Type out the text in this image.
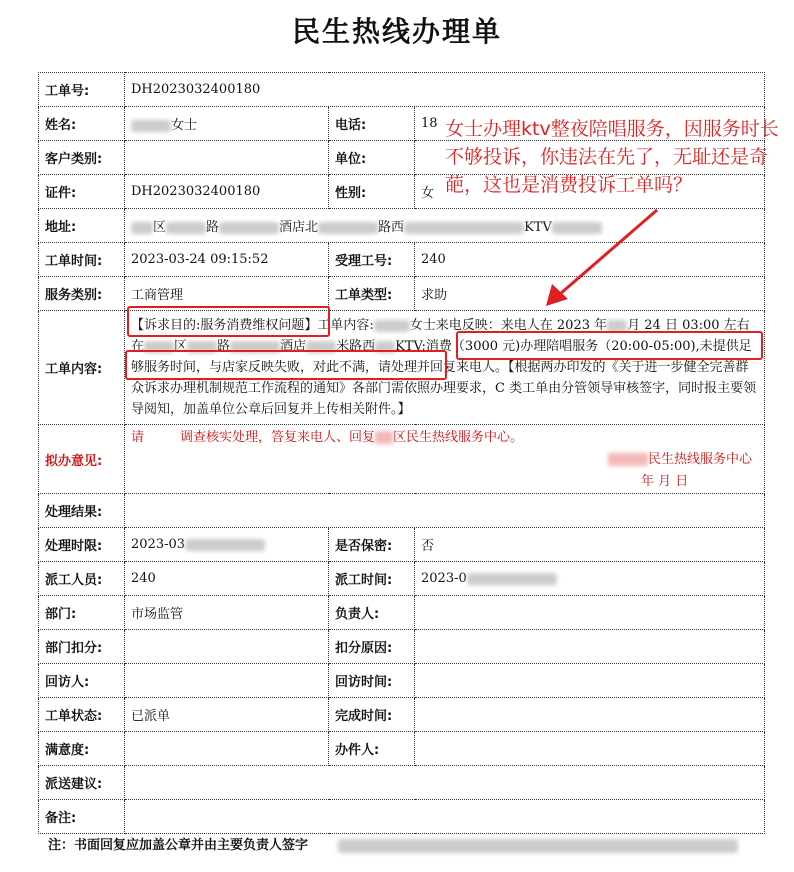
民生热线办理单
工单号:	DH2023032400180		
姓名:	女士	电话:	18
客户类别:		单位:	
证件:	DH2023032400180	性别:	女
地址:	区 路 酒店北 路西 KTV		
工单时间:	2023-03-24 09:15:52	受理工号:	240
服务类别:	工商管理	工单类型:	求助
工单内容:	【诉求目的:服务消费维权问题】工单内容: 女士来电反映：来电人在 2023 年 月 24 日 03:00 左右在 区 路 酒店 米路西 KTV;消费（3000 元)办理陪唱服务（20:00-05:00),未提供足够服务时间，与店家反映失败，对此不满，请处理并回复来电人。【根据两办印发的《关于进一步健全完善群众诉求办理机制规范工作流程的通知》各部门需依照办理要求，C 类工单由分管领导审核签字，同时报主要领导阅知，加盖单位公章后回复并上传相关附件。】		
拟办意见:	请 调查核实处理，答复来电人、回复 区民生热线服务中心。
民生热线服务中心
年 月 日		

处理结果:			
处理时限:	2023-03	是否保密:	否
派工人员:	240	派工时间:	2023-0
部门:	市场监管	负责人:	
部门扣分:		扣分原因:	
回访人:		回访时间:	
工单状态:	已派单	完成时间:	
满意度:		办件人:	
派送建议:			
备注:			
女士办理ktv整夜陪唱服务，因服务时长不够投诉，你违法在先了，无耻还是奇葩，这也是消费投诉工单吗？
注：书面回复应加盖公章并由主要负责人签字
